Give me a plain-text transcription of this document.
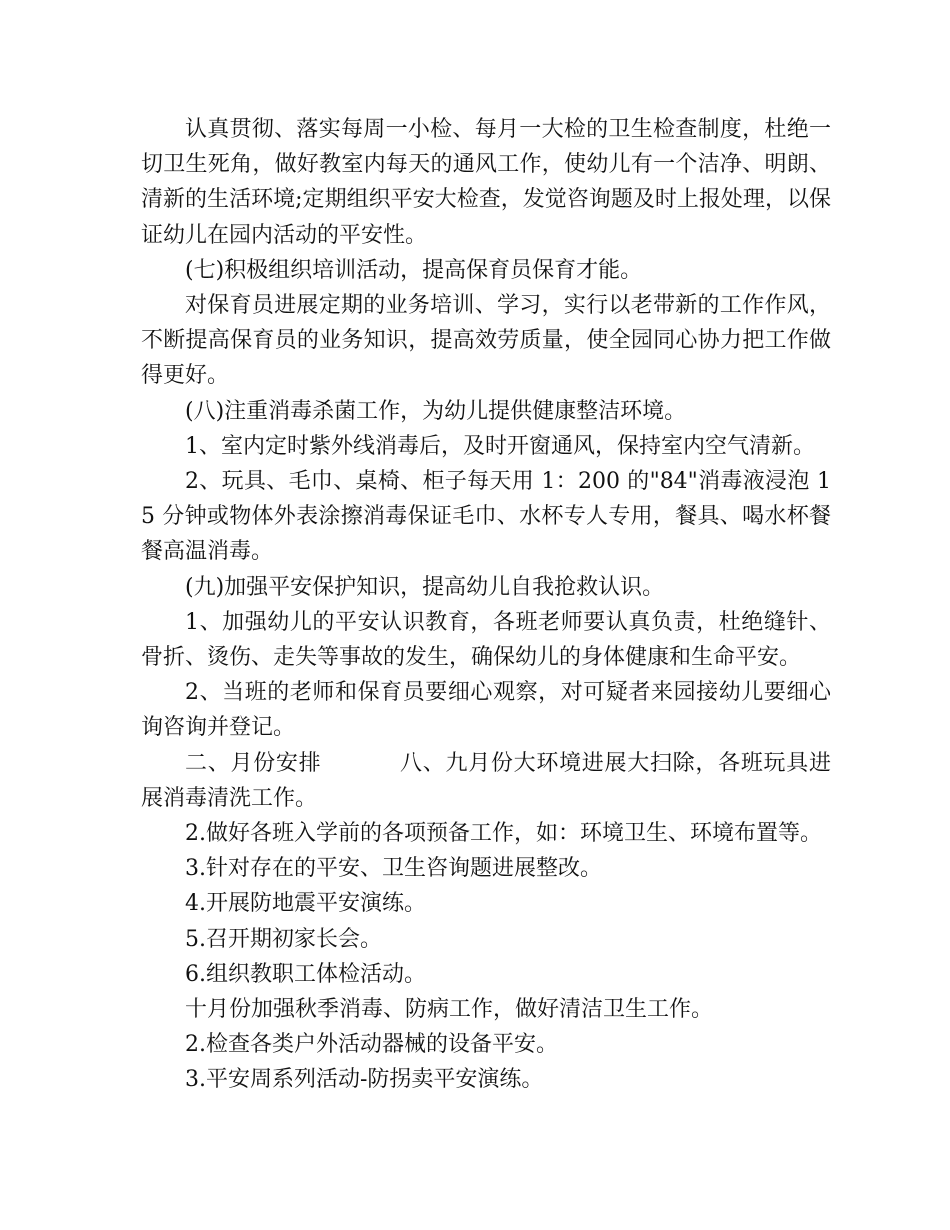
认真贯彻、落实每周一小检、每月一大检的卫生检查制度，杜绝一切卫生死角，做好教室内每天的通风工作，使幼儿有一个洁净、明朗、清新的生活环境;定期组织平安大检查，发觉咨询题及时上报处理，以保证幼儿在园内活动的平安性。

(七)积极组织培训活动，提高保育员保育才能。

对保育员进展定期的业务培训、学习，实行以老带新的工作作风，不断提高保育员的业务知识，提高效劳质量，使全园同心协力把工作做得更好。

(八)注重消毒杀菌工作，为幼儿提供健康整洁环境。

1、室内定时紫外线消毒后，及时开窗通风，保持室内空气清新。

2、玩具、毛巾、桌椅、柜子每天用 1：200 的"84"消毒液浸泡 15 分钟或物体外表涂擦消毒保证毛巾、水杯专人专用，餐具、喝水杯餐餐高温消毒。

(九)加强平安保护知识，提高幼儿自我抢救认识。

1、加强幼儿的平安认识教育，各班老师要认真负责，杜绝缝针、骨折、烫伤、走失等事故的发生，确保幼儿的身体健康和生命平安。

2、当班的老师和保育员要细心观察，对可疑者来园接幼儿要细心询咨询并登记。

二、月份安排	八、九月份大环境进展大扫除，各班玩具进展消毒清洗工作。

2.做好各班入学前的各项预备工作，如：环境卫生、环境布置等。

3.针对存在的平安、卫生咨询题进展整改。

4.开展防地震平安演练。

5.召开期初家长会。

6.组织教职工体检活动。

十月份加强秋季消毒、防病工作，做好清洁卫生工作。

2.检查各类户外活动器械的设备平安。

3.平安周系列活动-防拐卖平安演练。
